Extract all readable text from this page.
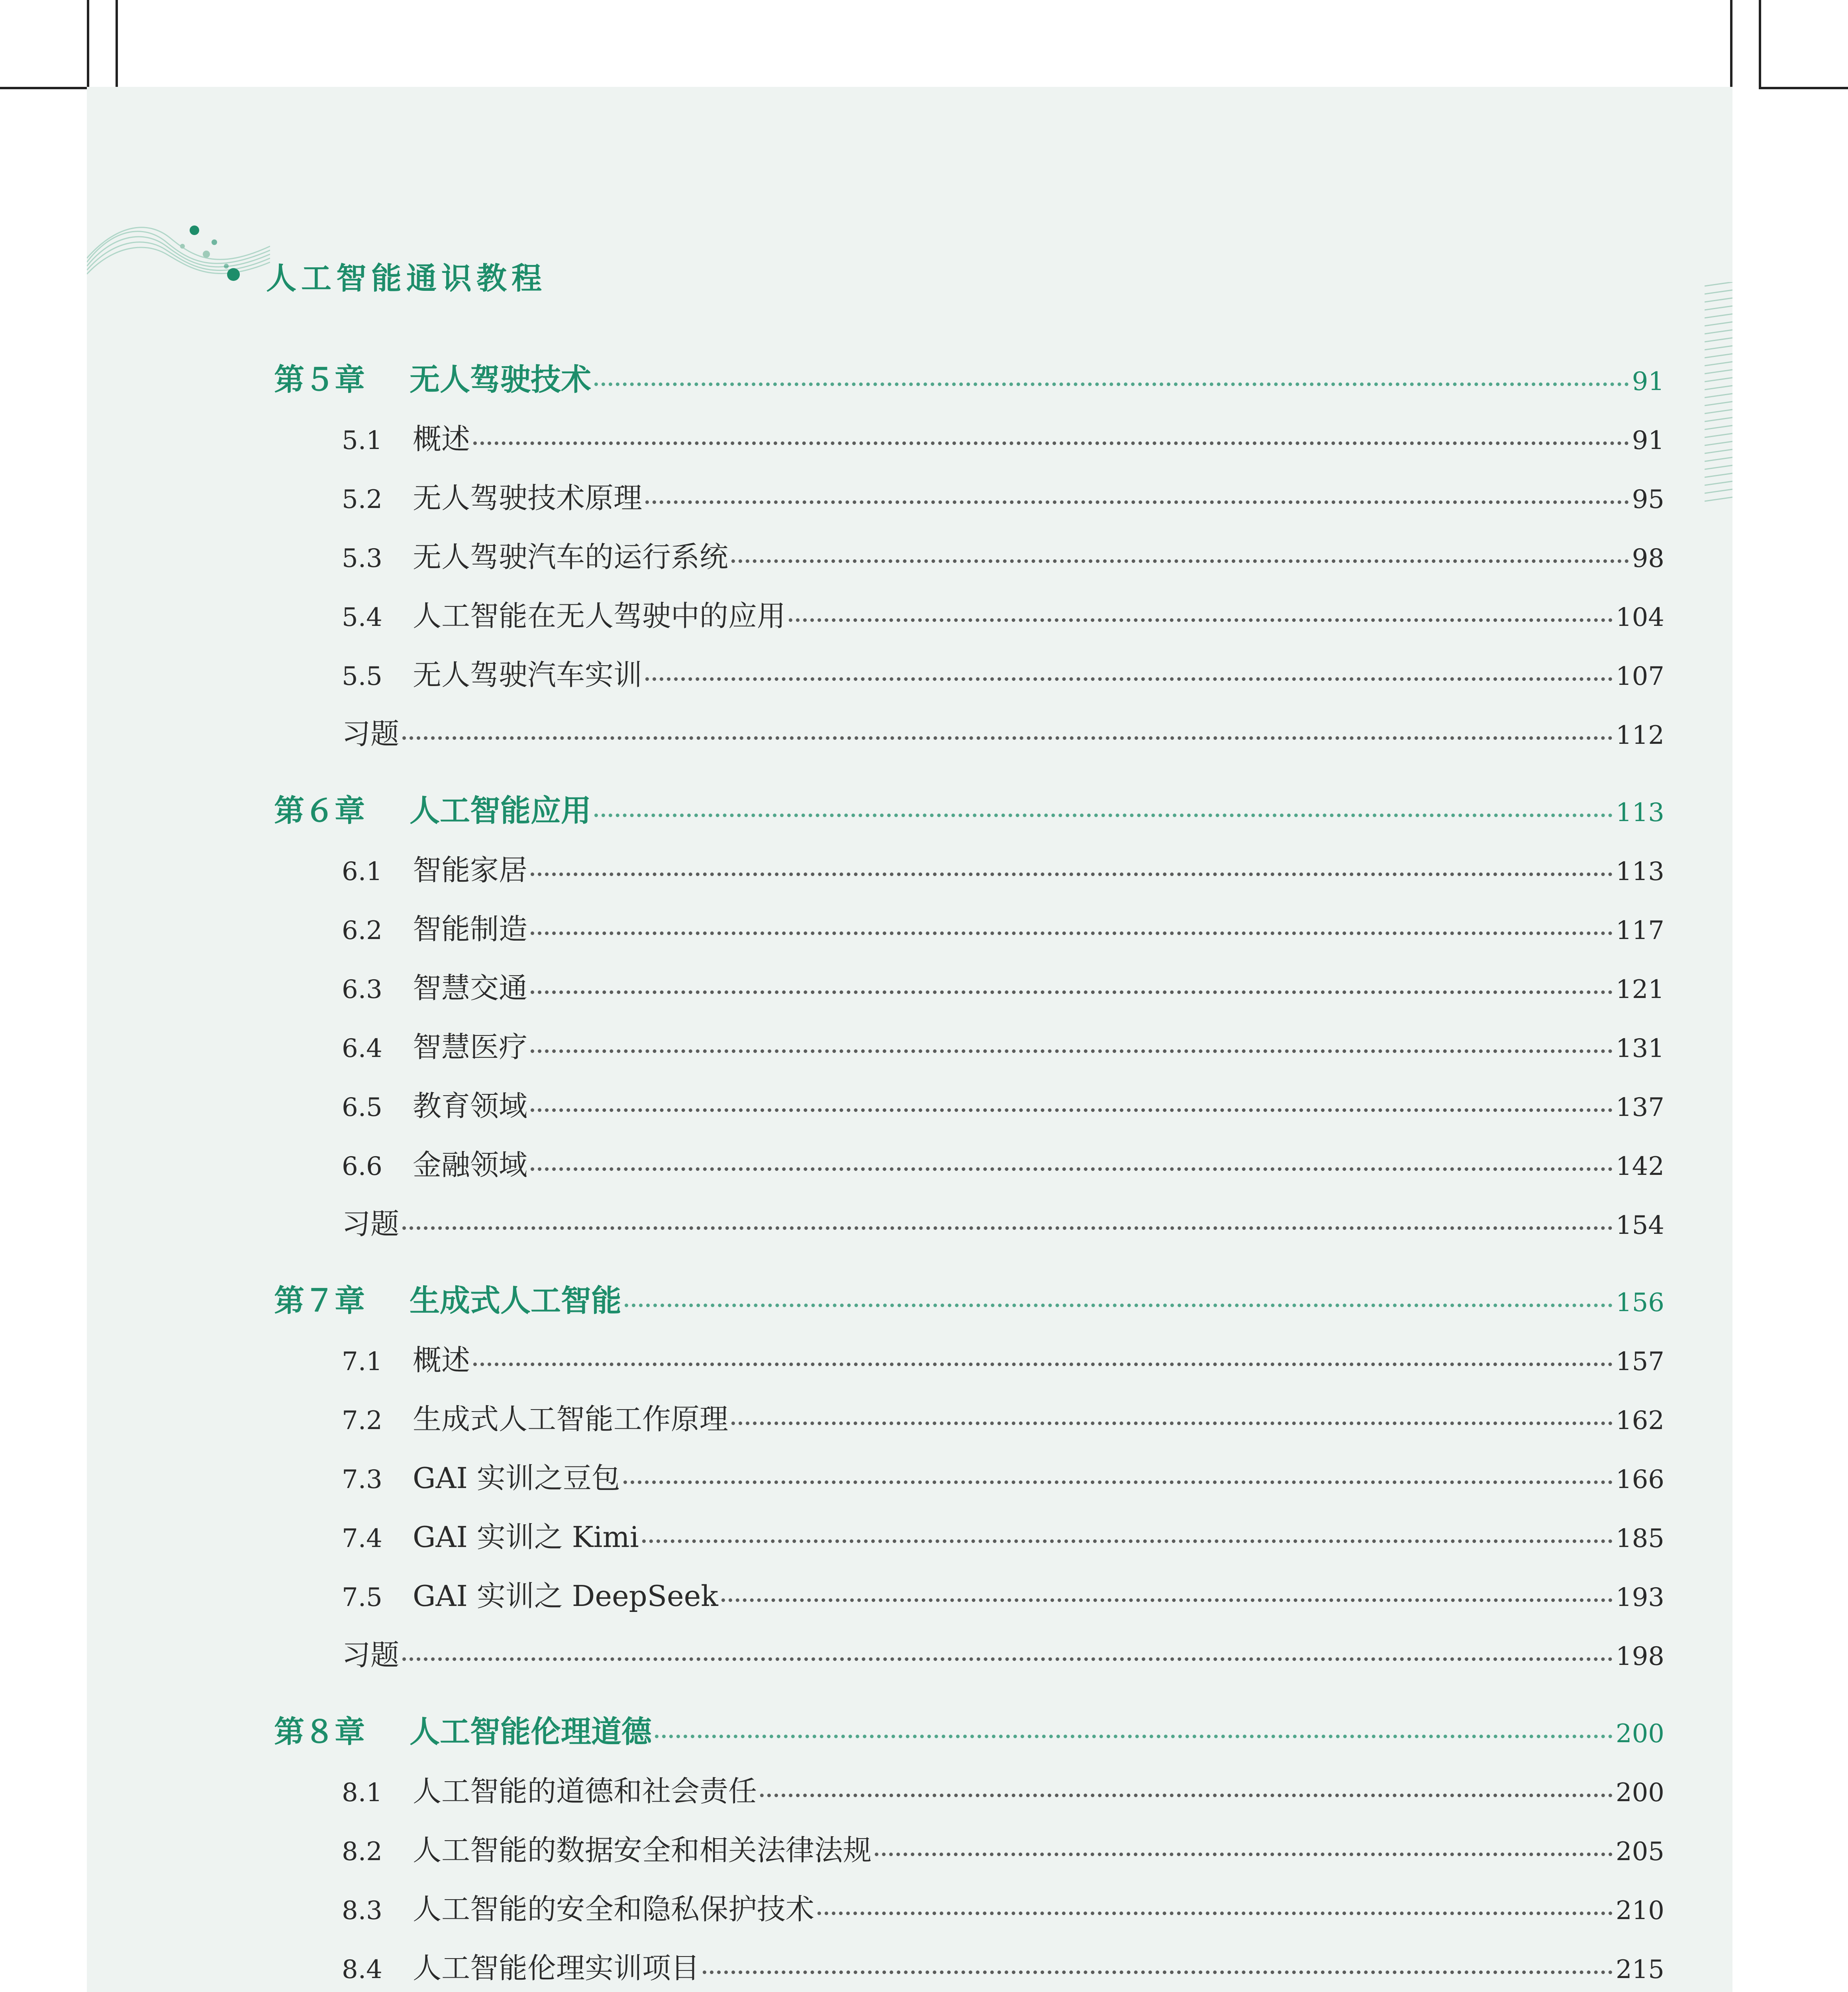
人工智能通识教程
第５章	无人驾驶技术	91
5.1	概述	91
5.2	无人驾驶技术原理	95
5.3	无人驾驶汽车的运行系统	98
5.4	人工智能在无人驾驶中的应用	104
5.5	无人驾驶汽车实训	107
习题	112
第６章	人工智能应用	113
6.1	智能家居	113
6.2	智能制造	117
6.3	智慧交通	121
6.4	智慧医疗	131
6.5	教育领域	137
6.6	金融领域	142
习题	154
第７章	生成式人工智能	156
7.1	概述	157
7.2	生成式人工智能工作原理	162
7.3	GAI 实训之豆包	166
7.4	GAI 实训之 Kimi	185
7.5	GAI 实训之 DeepSeek	193
习题	198
第８章	人工智能伦理道德	200
8.1	人工智能的道德和社会责任	200
8.2	人工智能的数据安全和相关法律法规	205
8.3	人工智能的安全和隐私保护技术	210
8.4	人工智能伦理实训项目	215
